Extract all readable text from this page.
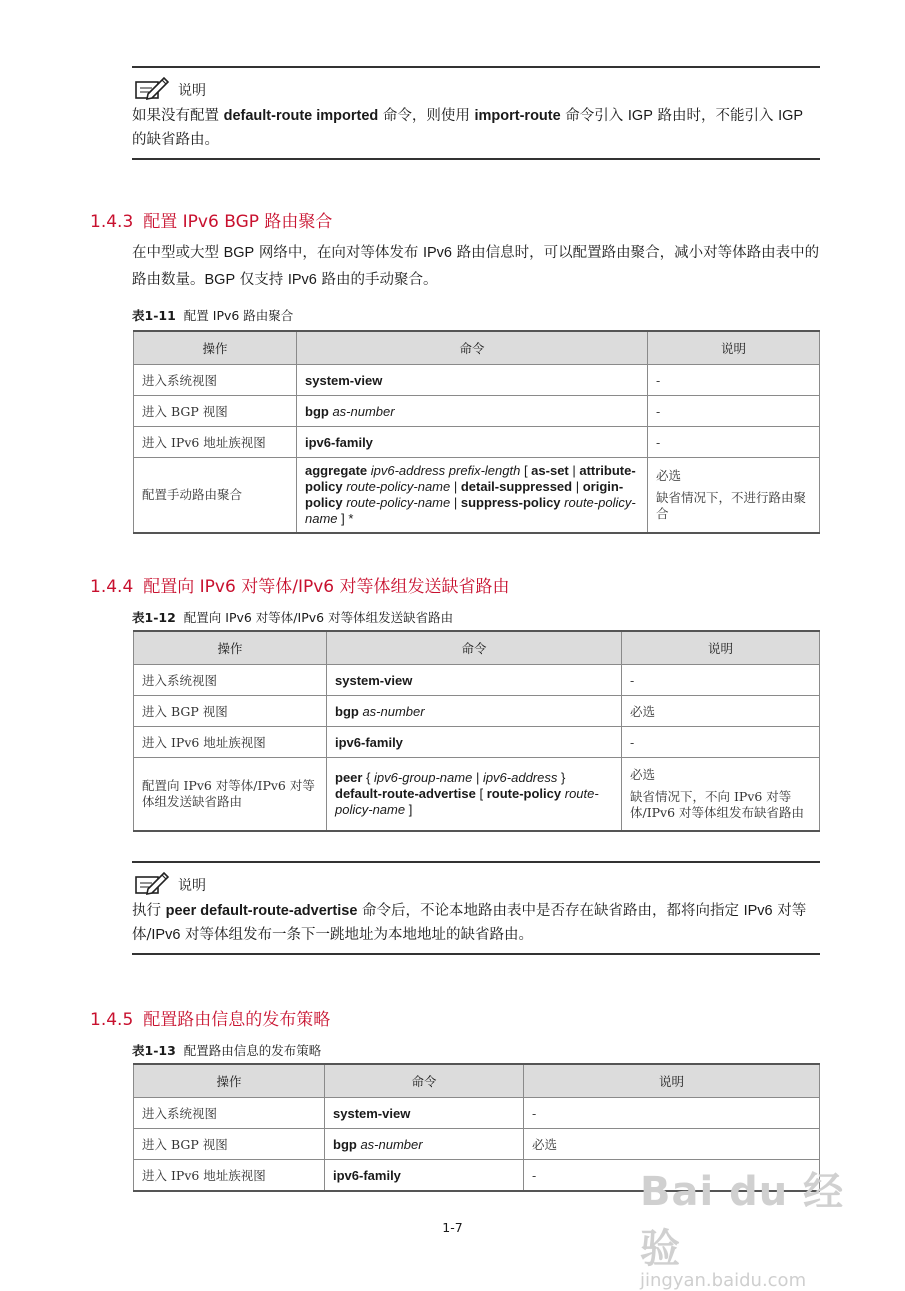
说明
如果没有配置 default-route imported 命令，则使用 import-route 命令引入 IGP 路由时，不能引入 IGP 的缺省路由。
1.4.3 配置 IPv6 BGP 路由聚合
在中型或大型 BGP 网络中，在向对等体发布 IPv6 路由信息时，可以配置路由聚合，减小对等体路由表中的路由数量。BGP 仅支持 IPv6 路由的手动聚合。
表1-11 配置 IPv6 路由聚合
操作	命令	说明
进入系统视图	system-view	-

进入 BGP 视图	bgp as-number	-

进入 IPv6 地址族视图	ipv6-family	-

配置手动路由聚合	aggregate ipv6-address prefix-length [ as-set | attribute-policy route-policy-name | detail-suppressed | origin-policy route-policy-name | suppress-policy route-policy-name ] *	必选
缺省情况下，不进行路由聚合
1.4.4 配置向 IPv6 对等体/IPv6 对等体组发送缺省路由
表1-12 配置向 IPv6 对等体/IPv6 对等体组发送缺省路由
操作	命令	说明
进入系统视图	system-view	-

进入 BGP 视图	bgp as-number	必选

进入 IPv6 地址族视图	ipv6-family	-

配置向 IPv6 对等体/IPv6 对等体组发送缺省路由	peer { ipv6-group-name | ipv6-address } default-route-advertise [ route-policy route-policy-name ]	必选
缺省情况下，不向 IPv6 对等体/IPv6 对等体组发布缺省路由
说明
执行 peer default-route-advertise 命令后，不论本地路由表中是否存在缺省路由，都将向指定 IPv6 对等体/IPv6 对等体组发布一条下一跳地址为本地地址的缺省路由。
1.4.5 配置路由信息的发布策略
表1-13 配置路由信息的发布策略
操作	命令	说明
进入系统视图	system-view	-

进入 BGP 视图	bgp as-number	必选

进入 IPv6 地址族视图	ipv6-family	-
1-7
Bai du 经验
jingyan.baidu.com
